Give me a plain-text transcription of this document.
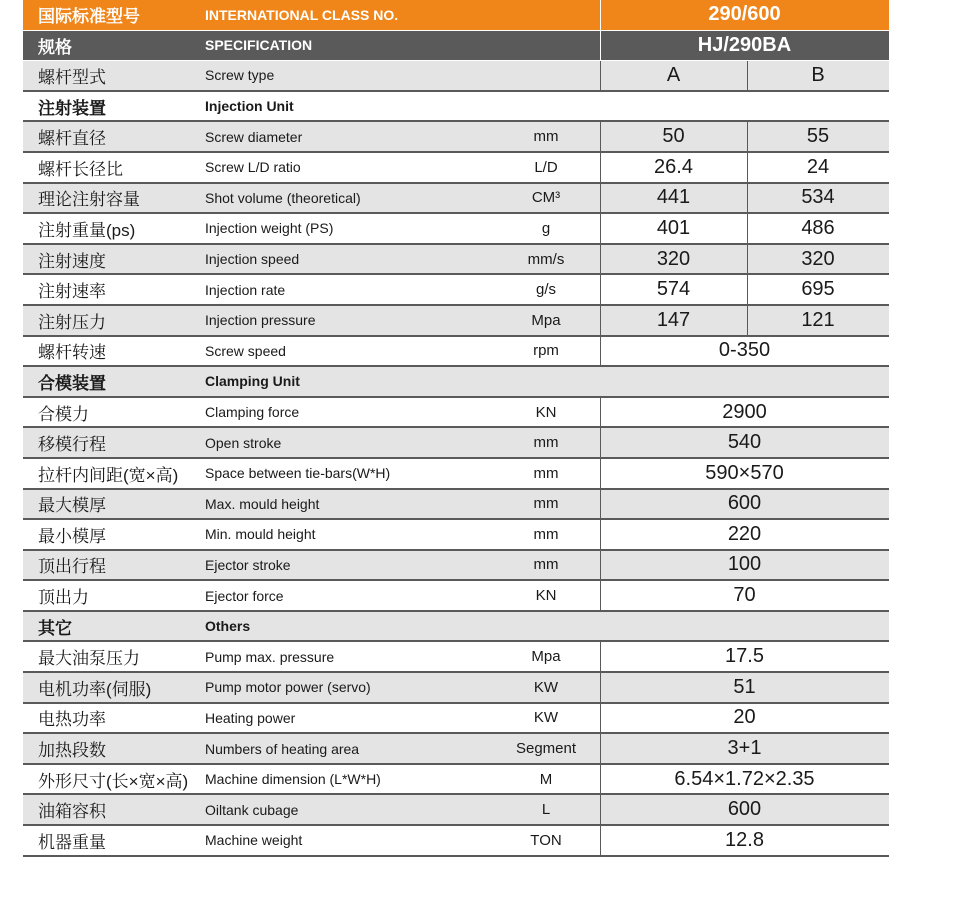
国际标准型号	INTERNATIONAL CLASS NO.	290/600
规格	SPECIFICATION	HJ/290BA
螺杆型式	Screw type	A	B
注射装置	Injection Unit
螺杆直径	Screw diameter	mm	50	55
螺杆长径比	Screw L/D ratio	L/D	26.4	24
理论注射容量	Shot volume (theoretical)	CM³	441	534
注射重量(ps)	Injection weight (PS)	g	401	486
注射速度	Injection speed	mm/s	320	320
注射速率	Injection rate	g/s	574	695
注射压力	Injection pressure	Mpa	147	121
螺杆转速	Screw speed	rpm	0-350
合模装置	Clamping Unit
合模力	Clamping force	KN	2900
移模行程	Open stroke	mm	540
拉杆内间距(宽×高) Space between tie-bars(W*H)	mm	590×570
最大模厚	Max. mould height	mm	600
最小模厚	Min. mould height	mm	220
顶出行程	Ejector stroke	mm	100
顶出力	Ejector force	KN	70
其它	Others
最大油泵压力	Pump max. pressure	Mpa	17.5
电机功率(伺服)	Pump motor power (servo)	KW	51
电热功率	Heating power	KW	20
加热段数	Numbers of heating area	Segment	3+1
外形尺寸(长×宽×高) Machine dimension (L*W*H)	M	6.54×1.72×2.35
油箱容积	Oiltank cubage	L	600
机器重量	Machine weight	TON	12.8
